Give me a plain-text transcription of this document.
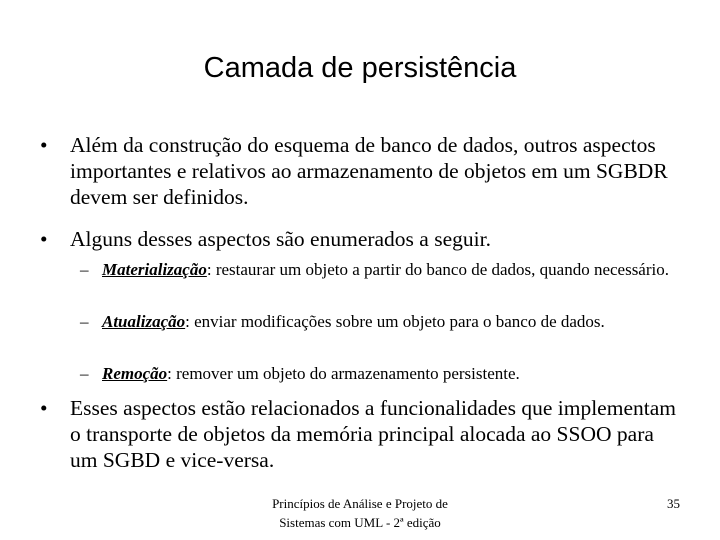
Camada de persistência
•	Além da construção do esquema de banco de dados, outros aspectos importantes e relativos ao armazenamento de objetos em um SGBDR devem ser definidos.
•	Alguns desses aspectos são enumerados a seguir.
– Materialização: restaurar um objeto a partir do banco de dados, quando necessário.
– Atualização: enviar modificações sobre um objeto para o banco de dados.
– Remoção: remover um objeto do armazenamento persistente.
•	Esses aspectos estão relacionados a funcionalidades que implementam o transporte de objetos da memória principal alocada ao SSOO para um SGBD e vice-versa.
Princípios de Análise e Projeto de
Sistemas com UML - 2ª edição
35
